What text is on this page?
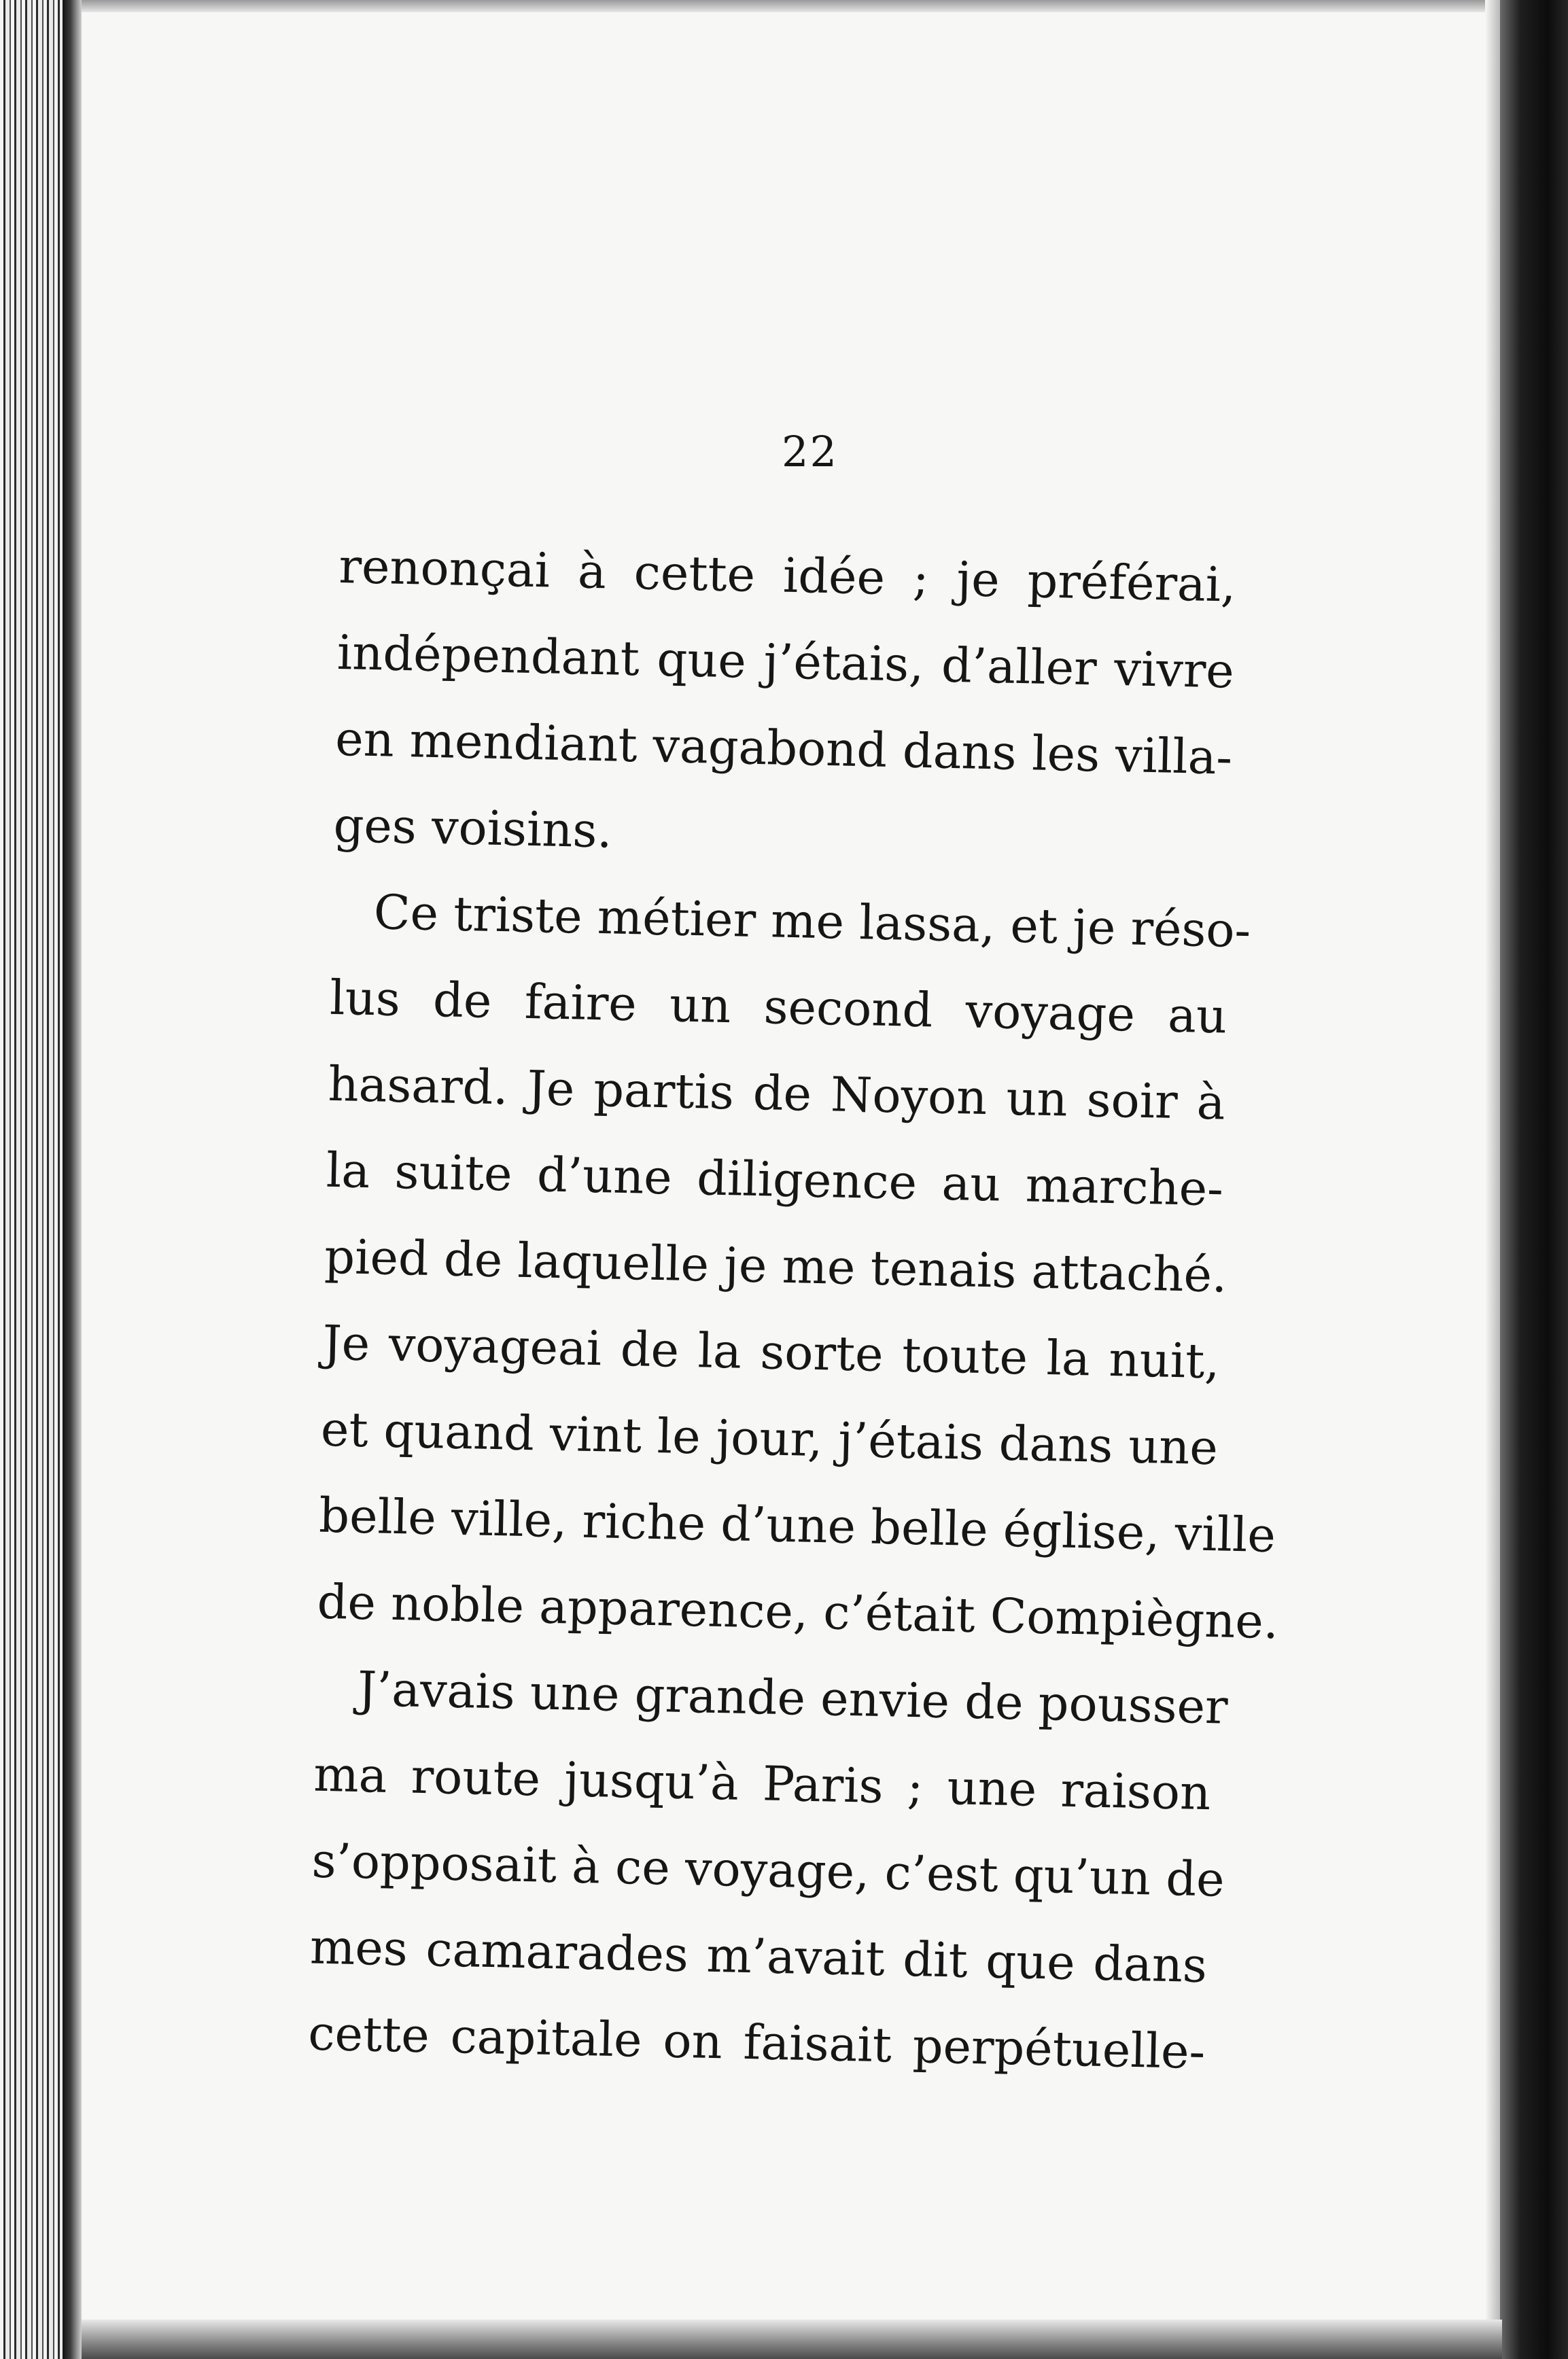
22
renonçai à cette idée ; je préférai,
indépendant que j’étais, d’aller vivre
en mendiant vagabond dans les villa-
ges voisins.
Ce triste métier me lassa, et je réso-
lus de faire un second voyage au
hasard. Je partis de Noyon un soir à
la suite d’une diligence au marche-
pied de laquelle je me tenais attaché.
Je voyageai de la sorte toute la nuit,
et quand vint le jour, j’étais dans une
belle ville, riche d’une belle église, ville
de noble apparence, c’était Compiègne.
J’avais une grande envie de pousser
ma route jusqu’à Paris ; une raison
s’opposait à ce voyage, c’est qu’un de
mes camarades m’avait dit que dans
cette capitale on faisait perpétuelle-
